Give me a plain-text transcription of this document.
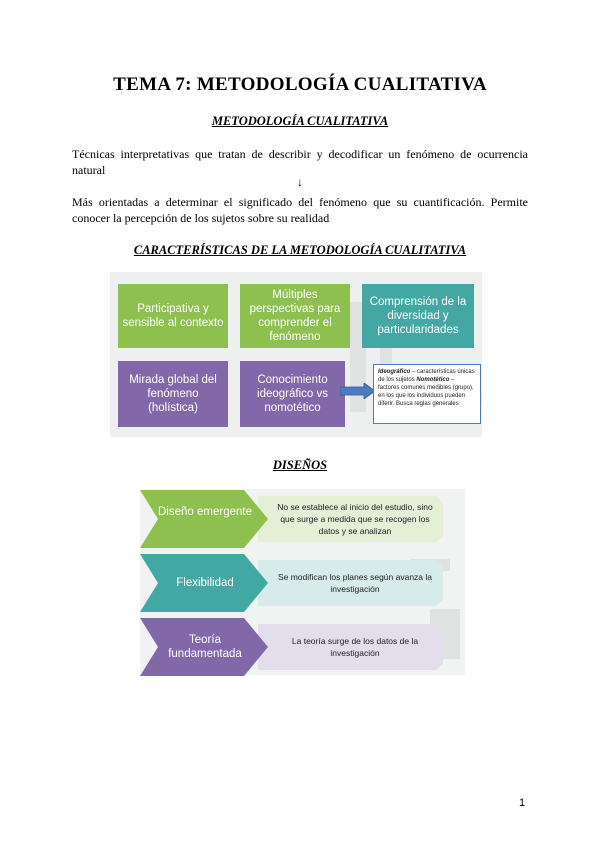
TEMA 7: METODOLOGÍA CUALITATIVA
METODOLOGÍA CUALITATIVA
Técnicas interpretativas que tratan de describir y decodificar un fenómeno de ocurrencia natural
↓
Más orientadas a determinar el significado del fenómeno que su cuantificación. Permite conocer la percepción de los sujetos sobre su realidad
CARACTERÍSTICAS DE LA METODOLOGÍA CUALITATIVA
Participativa y sensible al contexto
Múltiples perspectivas para comprender el fenómeno
Comprensión de la diversidad y particularidades
Mirada global del fenómeno (holística)
Conocimiento ideográfico vs nomotético
Ideográfico – características únicas de los sujetos Nomotético – factores comunes medibles (grupo), en los que los individuos pueden diferir. Busca reglas generales
DISEÑOS
Diseño emergente	No se establece al inicio del estudio, sino que surge a medida que se recogen los datos y se analizan
Flexibilidad	Se modifican los planes según avanza la investigación
Teoría fundamentada
La teoría surge de los datos de la investigación
1
